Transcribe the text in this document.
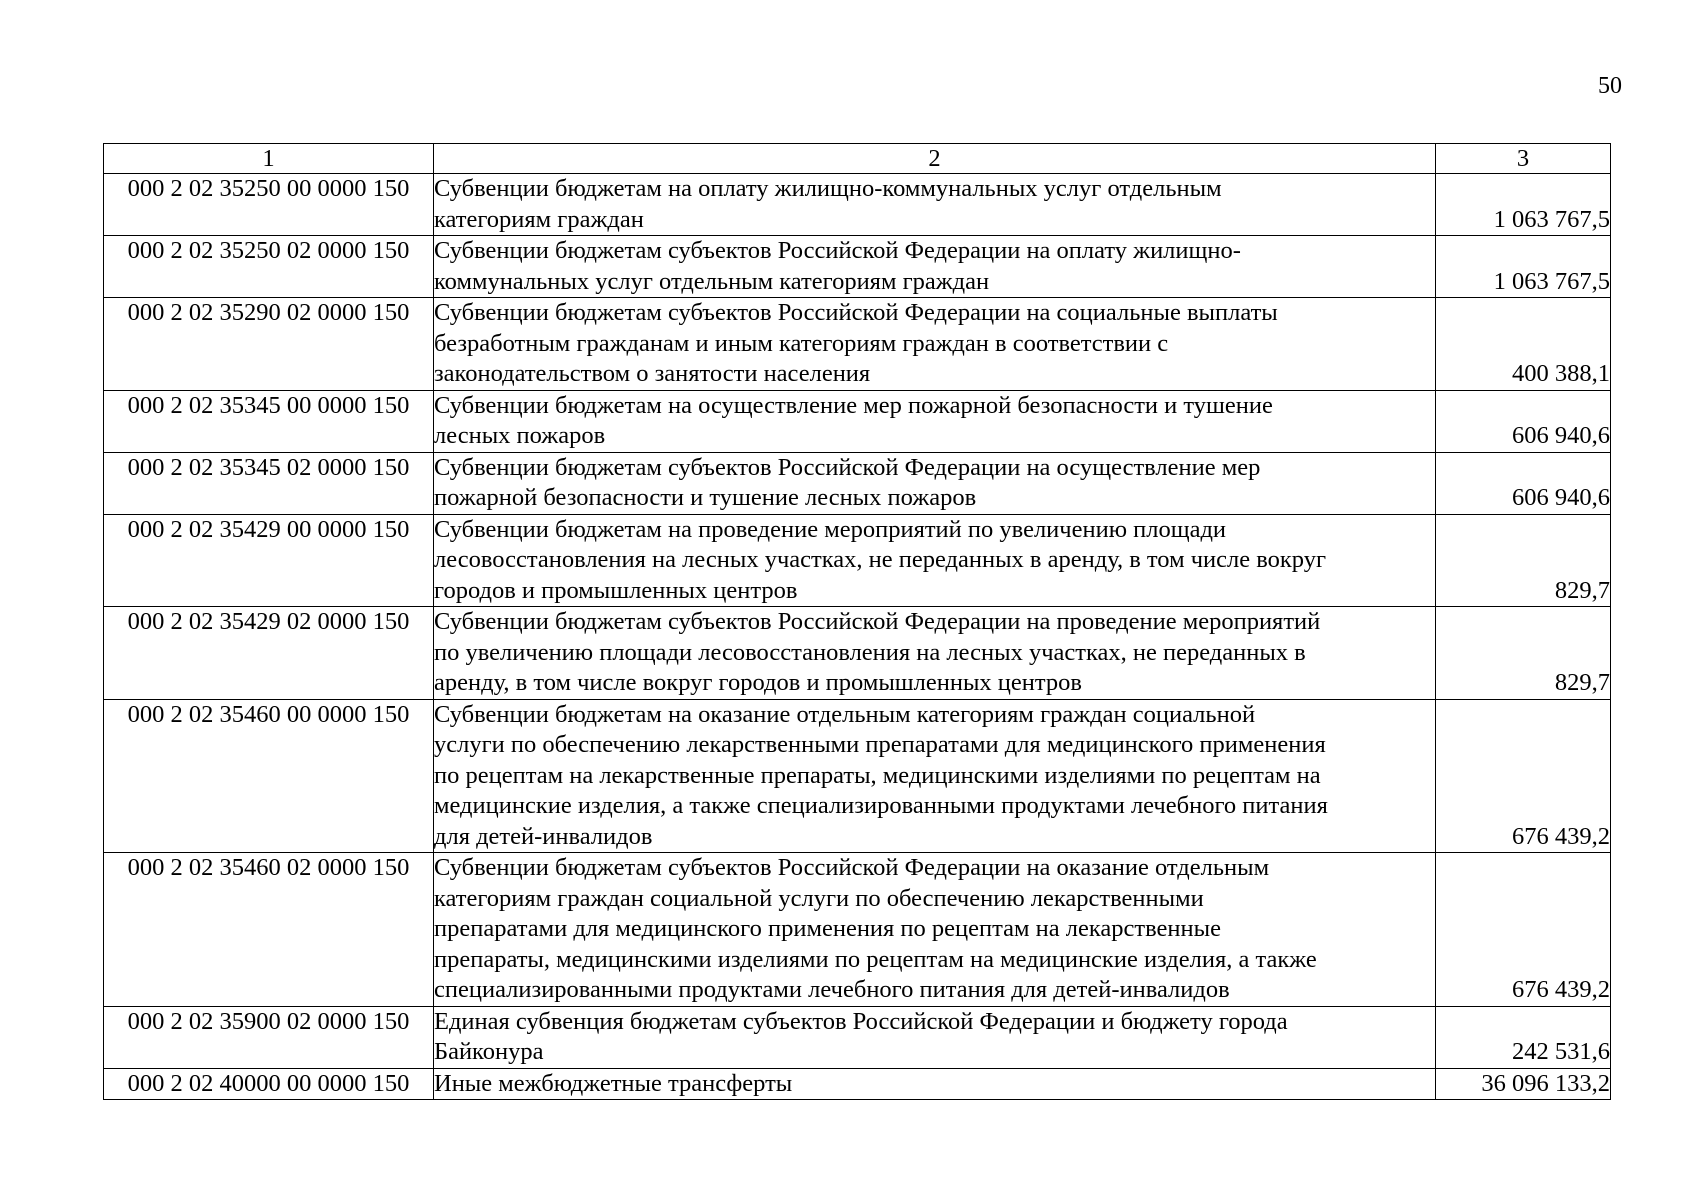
50
1	2	3
000 2 02 35250 00 0000 150	Субвенции бюджетам на оплату жилищно-коммунальных услуг отдельным
категориям граждан	1 063 767,5
000 2 02 35250 02 0000 150	Субвенции бюджетам субъектов Российской Федерации на оплату жилищно-
коммунальных услуг отдельным категориям граждан	1 063 767,5
000 2 02 35290 02 0000 150	Субвенции бюджетам субъектов Российской Федерации на социальные выплаты
безработным гражданам и иным категориям граждан в соответствии с
законодательством о занятости населения	400 388,1
000 2 02 35345 00 0000 150	Субвенции бюджетам на осуществление мер пожарной безопасности и тушение
лесных пожаров	606 940,6
000 2 02 35345 02 0000 150	Субвенции бюджетам субъектов Российской Федерации на осуществление мер
пожарной безопасности и тушение лесных пожаров	606 940,6
000 2 02 35429 00 0000 150	Субвенции бюджетам на проведение мероприятий по увеличению площади
лесовосстановления на лесных участках, не переданных в аренду, в том числе вокруг
городов и промышленных центров	829,7
000 2 02 35429 02 0000 150	Субвенции бюджетам субъектов Российской Федерации на проведение мероприятий
по увеличению площади лесовосстановления на лесных участках, не переданных в
аренду, в том числе вокруг городов и промышленных центров	829,7
000 2 02 35460 00 0000 150	Субвенции бюджетам на оказание отдельным категориям граждан социальной
услуги по обеспечению лекарственными препаратами для медицинского применения
по рецептам на лекарственные препараты, медицинскими изделиями по рецептам на
медицинские изделия, а также специализированными продуктами лечебного питания
для детей-инвалидов	676 439,2
000 2 02 35460 02 0000 150	Субвенции бюджетам субъектов Российской Федерации на оказание отдельным
категориям граждан социальной услуги по обеспечению лекарственными
препаратами для медицинского применения по рецептам на лекарственные
препараты, медицинскими изделиями по рецептам на медицинские изделия, а также
специализированными продуктами лечебного питания для детей-инвалидов	676 439,2
000 2 02 35900 02 0000 150	Единая субвенция бюджетам субъектов Российской Федерации и бюджету города
Байконура	242 531,6
000 2 02 40000 00 0000 150	Иные межбюджетные трансферты	36 096 133,2
